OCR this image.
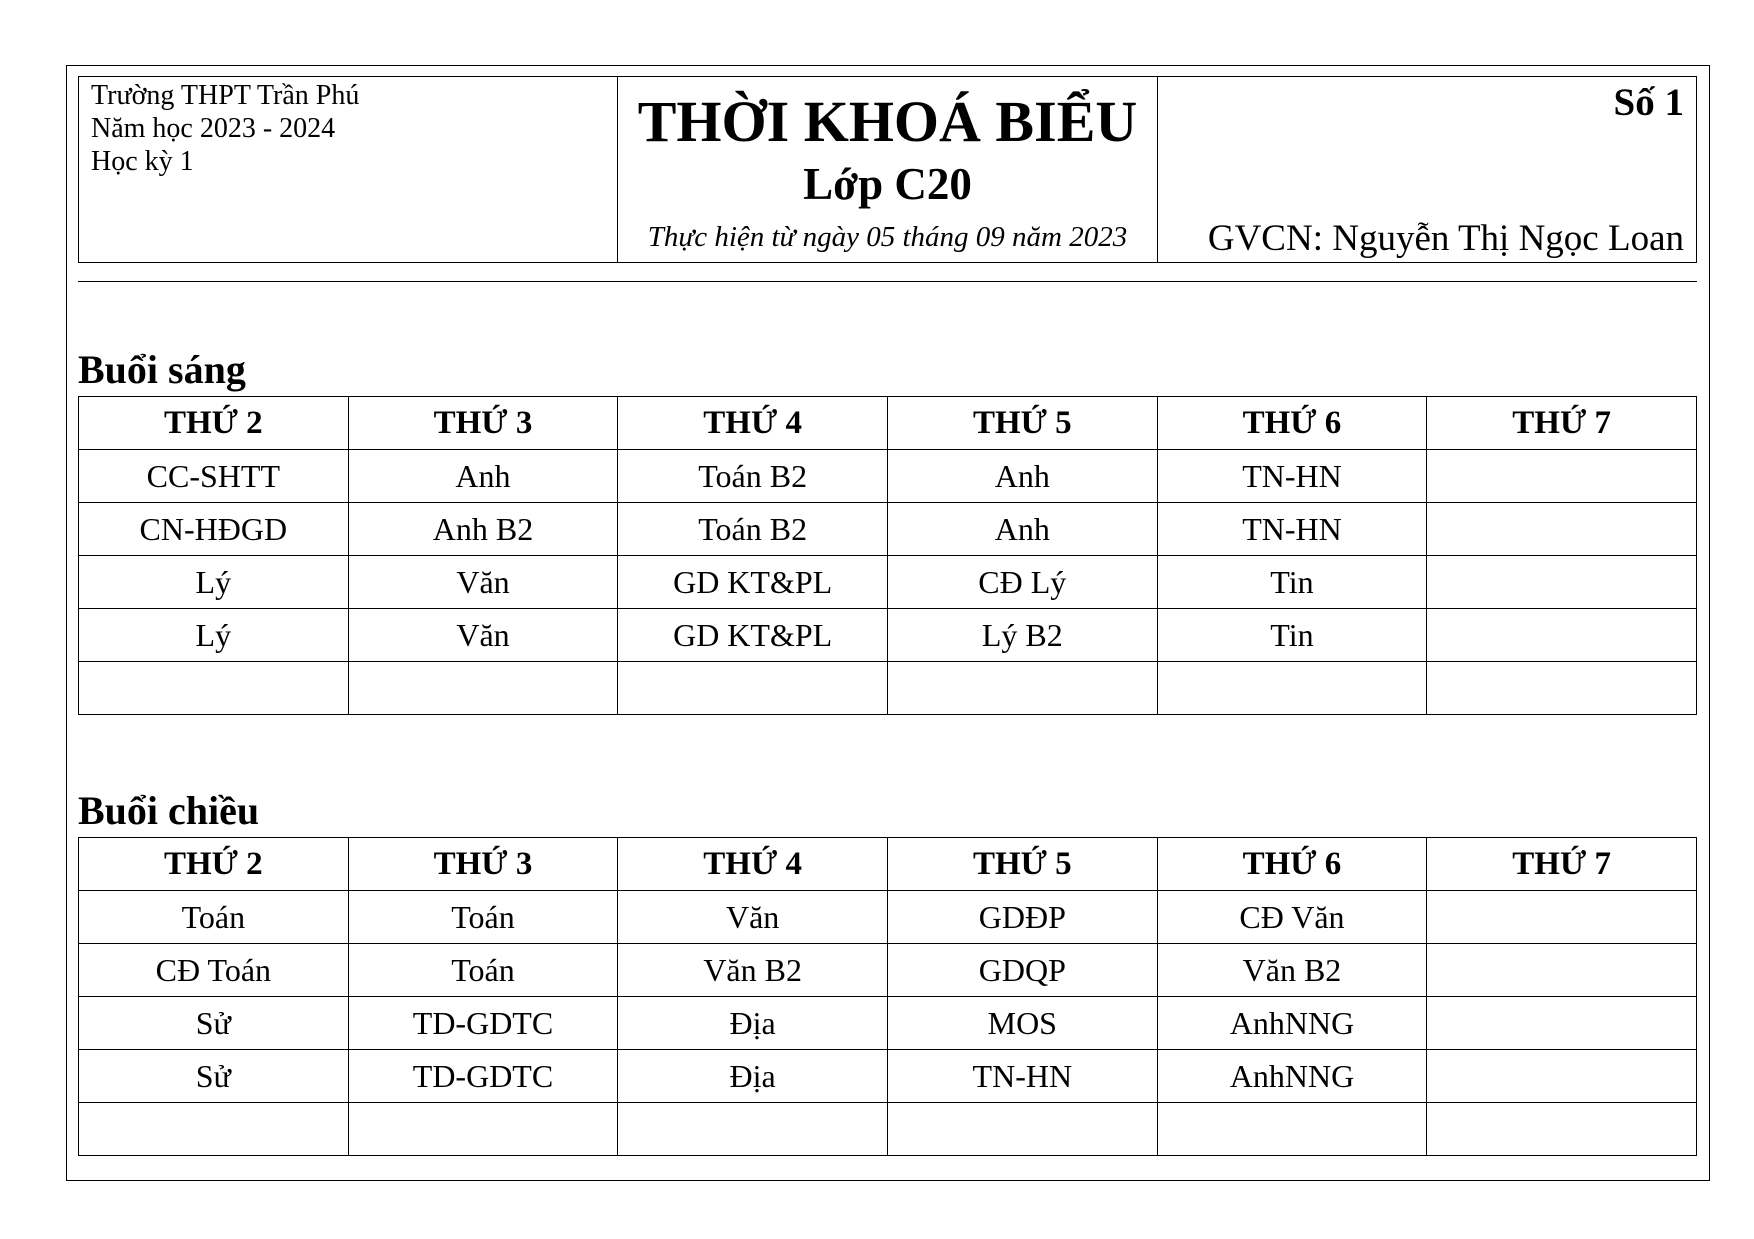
Trường THPT Trần Phú
Năm học 2023 - 2024
Học kỳ 1
THỜI KHOÁ BIỂU
Lớp C20
Thực hiện từ ngày 05 tháng 09 năm 2023
Số 1
GVCN: Nguyễn Thị Ngọc Loan
Buổi sáng
THỨ 2	THỨ 3	THỨ 4	THỨ 5	THỨ 6	THỨ 7
CC-SHTT	Anh	Toán B2	Anh	TN-HN	
CN-HĐGD	Anh B2	Toán B2	Anh	TN-HN	
Lý	Văn	GD KT&PL	CĐ Lý	Tin	
Lý	Văn	GD KT&PL	Lý B2	Tin	

Buổi chiều
THỨ 2	THỨ 3	THỨ 4	THỨ 5	THỨ 6	THỨ 7
Toán	Toán	Văn	GDĐP	CĐ Văn	
CĐ Toán	Toán	Văn B2	GDQP	Văn B2	
Sử	TD-GDTC	Địa	MOS	AnhNNG	
Sử	TD-GDTC	Địa	TN-HN	AnhNNG	
